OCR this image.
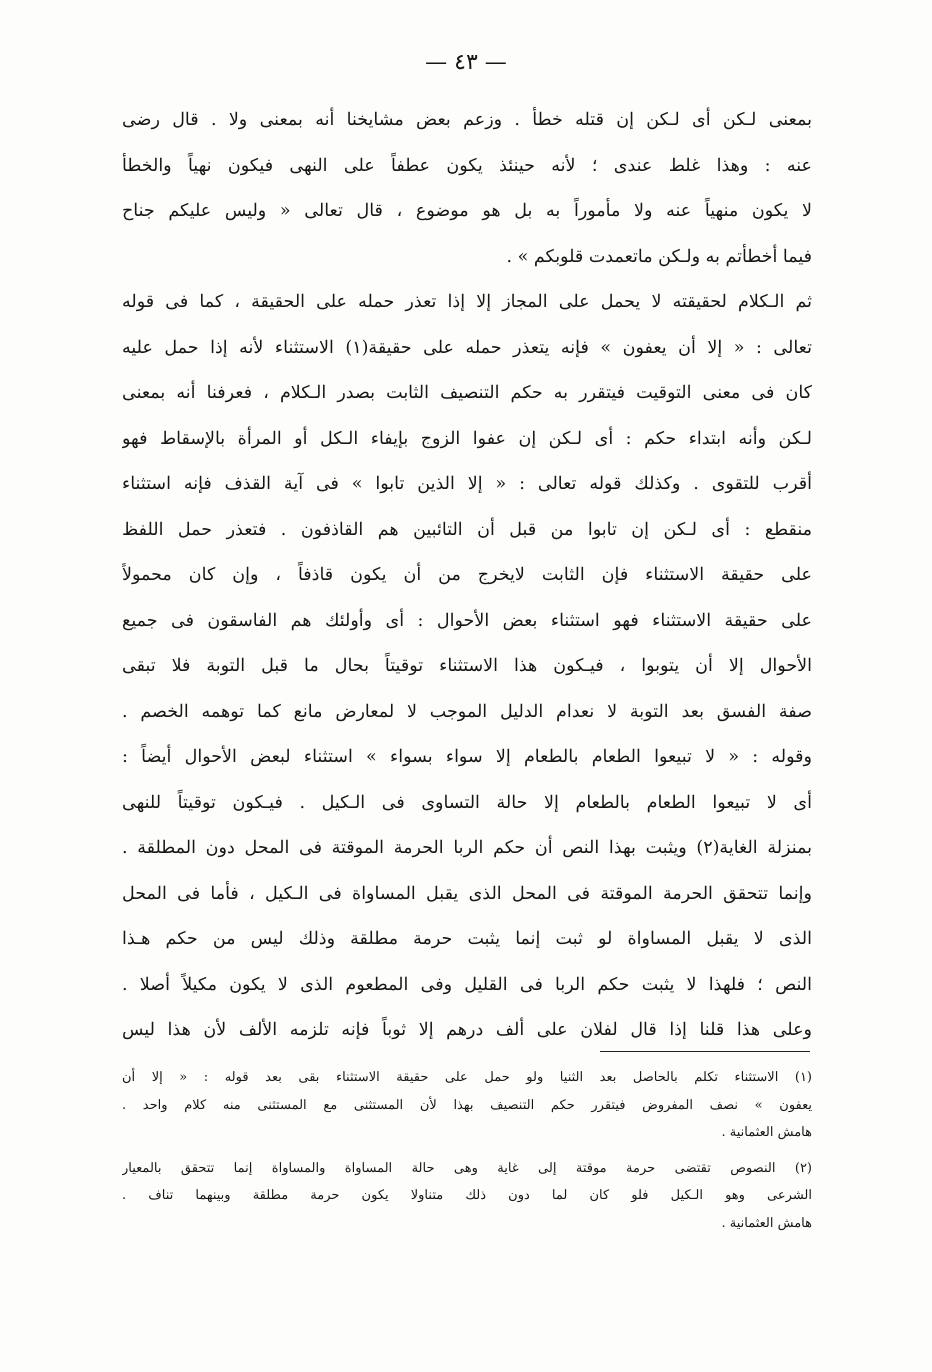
— ٤٣ —
بمعنى لـكن أى لـكن إن قتله خطأ . وزعم بعض مشايخنا أنه بمعنى ولا . قال رضى
عنه : وهذا غلط عندى ؛ لأنه حينئذ يكون عطفاً على النهى فيكون نهياً والخطأ
لا يكون منهياً عنه ولا مأموراً به بل هو موضوع ، قال تعالى « وليس عليكم جناح
فيما أخطأتم به ولـكن ماتعمدت قلوبكم » .
ثم الـكلام لحقيقته لا يحمل على المجاز إلا إذا تعذر حمله على الحقيقة ، كما فى قوله
تعالى : « إلا أن يعفون » فإنه يتعذر حمله على حقيقة(١) الاستثناء لأنه إذا حمل عليه
كان فى معنى التوقيت فيتقرر به حكم التنصيف الثابت بصدر الـكلام ، فعرفنا أنه بمعنى
لـكن وأنه ابتداء حكم : أى لـكن إن عفوا الزوج بإيفاء الـكل أو المرأة بالإسقاط فهو
أقرب للتقوى . وكذلك قوله تعالى : « إلا الذين تابوا » فى آية القذف فإنه استثناء
منقطع : أى لـكن إن تابوا من قبل أن التائبين هم القاذفون . فتعذر حمل اللفظ
على حقيقة الاستثناء فإن الثابت لايخرج من أن يكون قاذفاً ، وإن كان محمولاً
على حقيقة الاستثناء فهو استثناء بعض الأحوال : أى وأولئك هم الفاسقون فى جميع
الأحوال إلا أن يتوبوا ، فيـكون هذا الاستثناء توقيتاً بحال ما قبل التوبة فلا تبقى
صفة الفسق بعد التوبة لا نعدام الدليل الموجب لا لمعارض مانع كما توهمه الخصم .
وقوله : « لا تبيعوا الطعام بالطعام إلا سواء بسواء » استثناء لبعض الأحوال أيضاً :
أى لا تبيعوا الطعام بالطعام إلا حالة التساوى فى الـكيل . فيـكون توقيتاً للنهى
بمنزلة الغاية(٢) ويثبت بهذا النص أن حكم الربا الحرمة الموقتة فى المحل دون المطلقة .
وإنما تتحقق الحرمة الموقتة فى المحل الذى يقبل المساواة فى الـكيل ، فأما فى المحل
الذى لا يقبل المساواة لو ثبت إنما يثبت حرمة مطلقة وذلك ليس من حكم هـذا
النص ؛ فلهذا لا يثبت حكم الربا فى القليل وفى المطعوم الذى لا يكون مكيلاً أصلا .
وعلى هذا قلنا إذا قال لفلان على ألف درهم إلا ثوباً فإنه تلزمه الألف لأن هذا ليس
(١) الاستثناء تكلم بالحاصل بعد الثنيا ولو حمل على حقيقة الاستثناء بقى بعد قوله : « إلا أن
يعفون » نصف المفروض فيتقرر حكم التنصيف بهذا لأن المستثنى مع المستثنى منه كلام واحد .
هامش العثمانية .
(٢) النصوص تقتضى حرمة موقتة إلى غاية وهى حالة المساواة والمساواة إنما تتحقق بالمعيار
الشرعى وهو الـكيل فلو كان لما دون ذلك متناولا يكون حرمة مطلقة وبينهما تناف .
هامش العثمانية .
